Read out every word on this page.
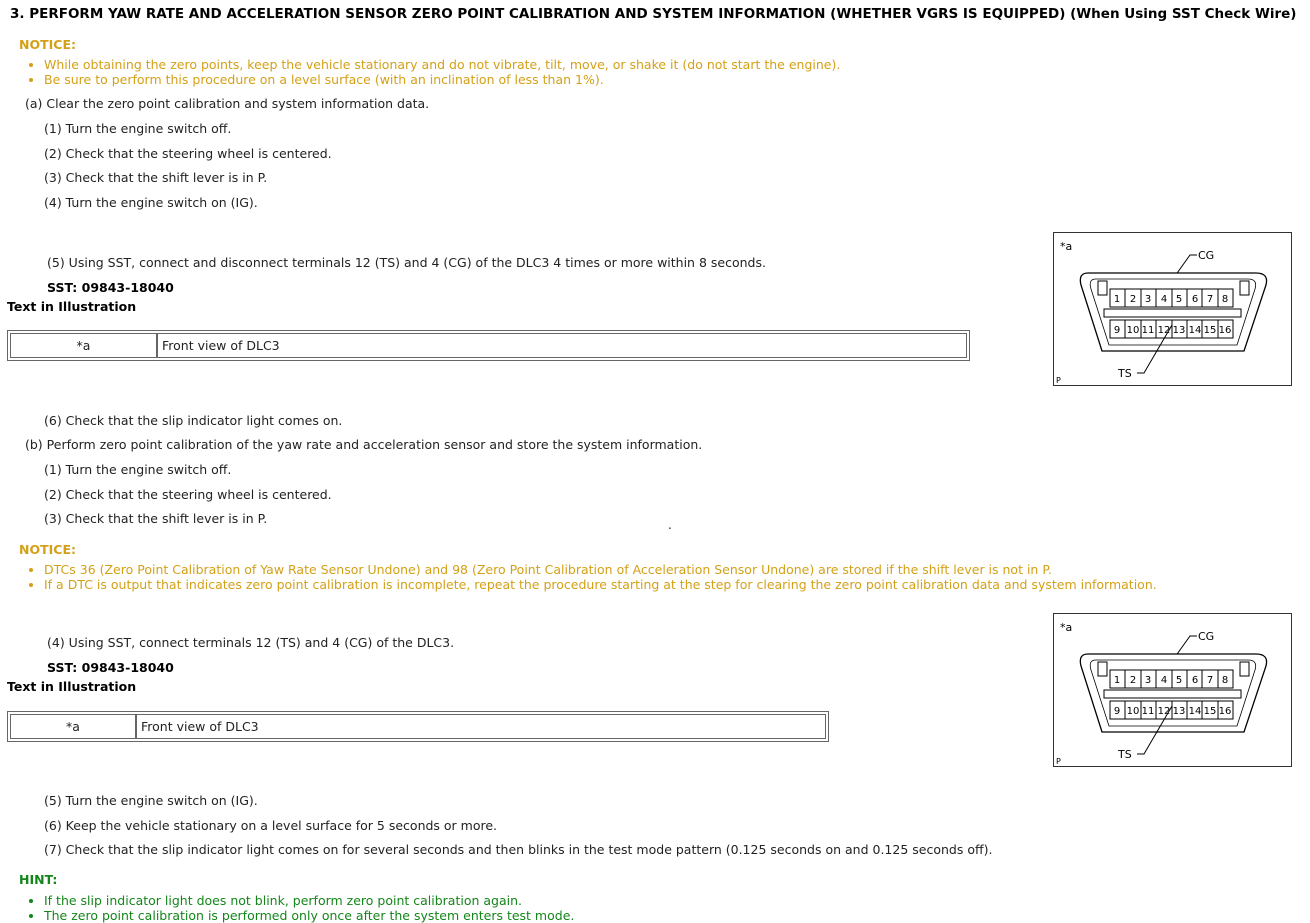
3. PERFORM YAW RATE AND ACCELERATION SENSOR ZERO POINT CALIBRATION AND SYSTEM INFORMATION (WHETHER VGRS IS EQUIPPED) (When Using SST Check Wire)
NOTICE:
While obtaining the zero points, keep the vehicle stationary and do not vibrate, tilt, move, or shake it (do not start the engine).
Be sure to perform this procedure on a level surface (with an inclination of less than 1%).
(a) Clear the zero point calibration and system information data.
(1) Turn the engine switch off.
(2) Check that the steering wheel is centered.
(3) Check that the shift lever is in P.
(4) Turn the engine switch on (IG).
(5) Using SST, connect and disconnect terminals 12 (TS) and 4 (CG) of the DLC3 4 times or more within 8 seconds.
SST: 09843-18040
Text in Illustration
*a	Front view of DLC3
*a
CG
1 2 3 4 5 6 7 8
9 10 11 12 13 14 15 16
TS
P
(6) Check that the slip indicator light comes on.
(b) Perform zero point calibration of the yaw rate and acceleration sensor and store the system information.
(1) Turn the engine switch off.
(2) Check that the steering wheel is centered.
(3) Check that the shift lever is in P.	.
NOTICE:
DTCs 36 (Zero Point Calibration of Yaw Rate Sensor Undone) and 98 (Zero Point Calibration of Acceleration Sensor Undone) are stored if the shift lever is not in P.
If a DTC is output that indicates zero point calibration is incomplete, repeat the procedure starting at the step for clearing the zero point calibration data and system information.
(4) Using SST, connect terminals 12 (TS) and 4 (CG) of the DLC3.
SST: 09843-18040
Text in Illustration
*a	Front view of DLC3
*a
CG
1 2 3 4 5 6 7 8
9 10 11 12 13 14 15 16
TS
P
(5) Turn the engine switch on (IG).
(6) Keep the vehicle stationary on a level surface for 5 seconds or more.
(7) Check that the slip indicator light comes on for several seconds and then blinks in the test mode pattern (0.125 seconds on and 0.125 seconds off).
HINT:
If the slip indicator light does not blink, perform zero point calibration again.
The zero point calibration is performed only once after the system enters test mode.
